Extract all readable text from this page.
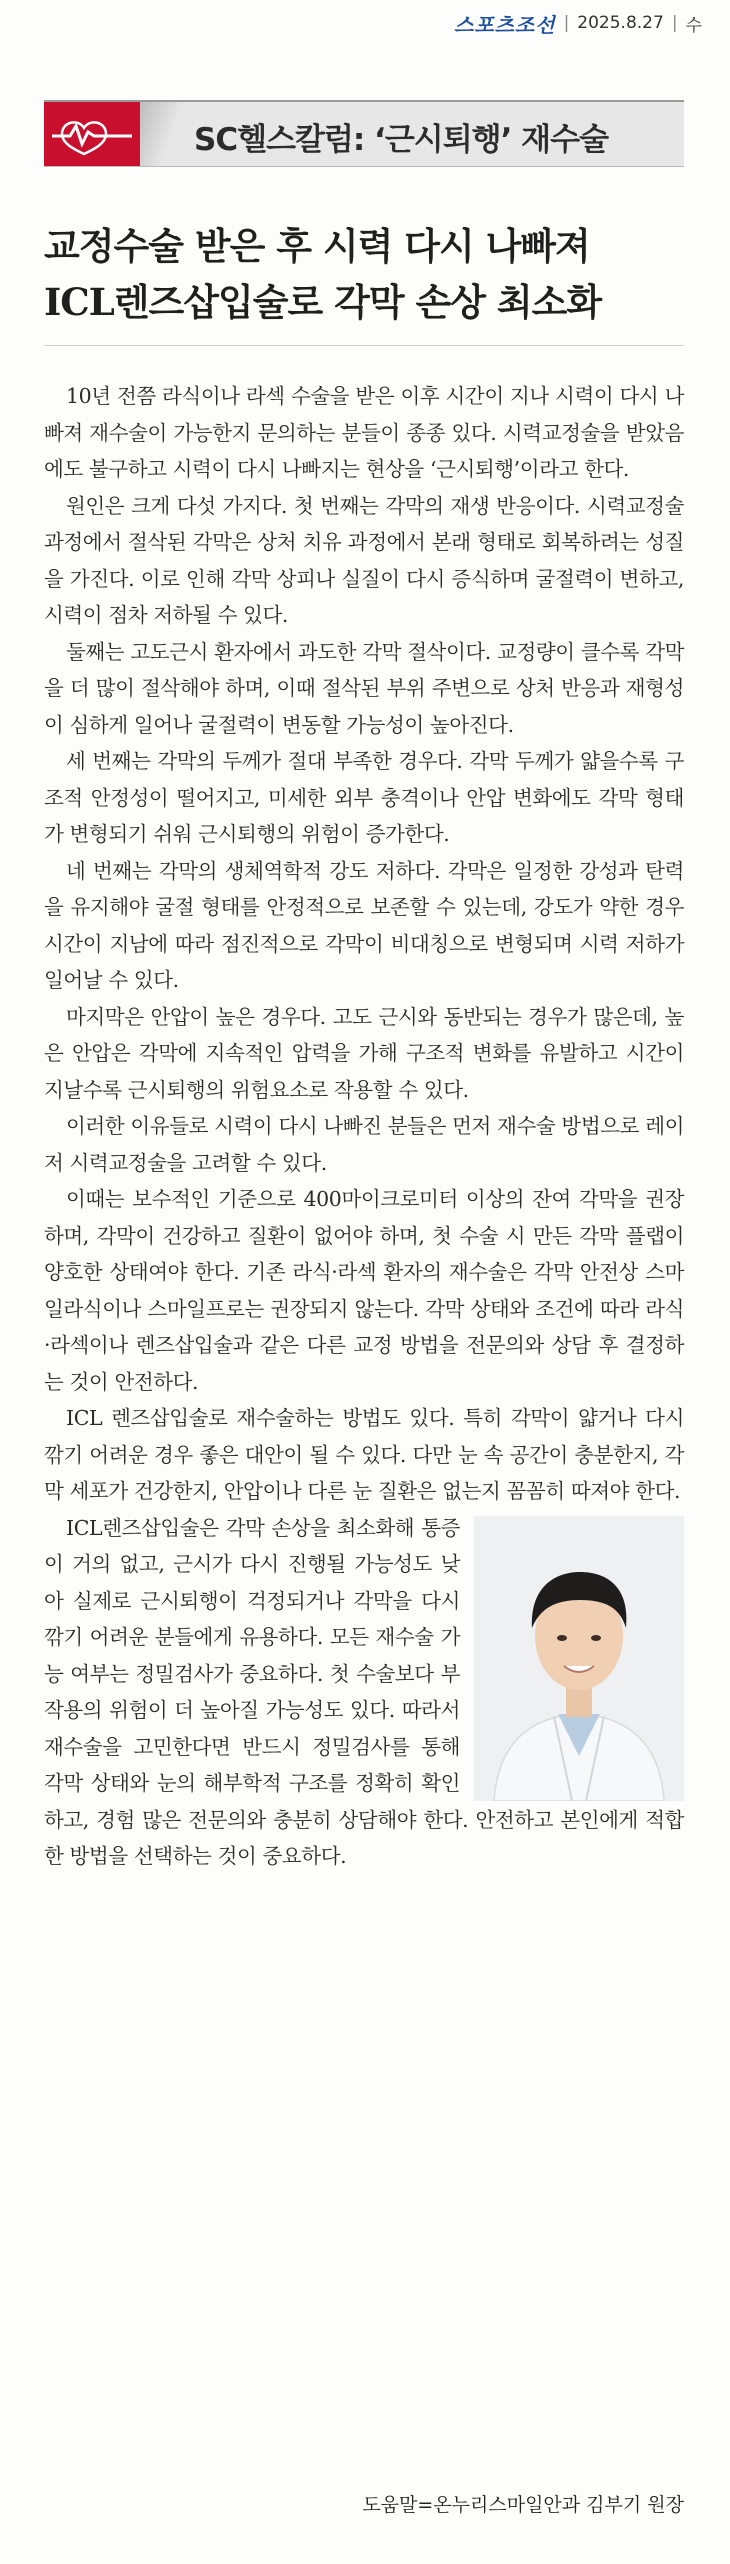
스포츠조선 | 2025.8.27 | 수
SC헬스칼럼: ‘근시퇴행’ 재수술
교정수술 받은 후 시력 다시 나빠져
ICL렌즈삽입술로 각막 손상 최소화

10년 전쯤 라식이나 라섹 수술을 받은 이후 시간이 지나 시력이 다시 나빠져 재수술이 가능한지 문의하는 분들이 종종 있다. 시력교정술을 받았음에도 불구하고 시력이 다시 나빠지는 현상을 ‘근시퇴행’이라고 한다.

원인은 크게 다섯 가지다. 첫 번째는 각막의 재생 반응이다. 시력교정술 과정에서 절삭된 각막은 상처 치유 과정에서 본래 형태로 회복하려는 성질을 가진다. 이로 인해 각막 상피나 실질이 다시 증식하며 굴절력이 변하고, 시력이 점차 저하될 수 있다.

둘째는 고도근시 환자에서 과도한 각막 절삭이다. 교정량이 클수록 각막을 더 많이 절삭해야 하며, 이때 절삭된 부위 주변으로 상처 반응과 재형성이 심하게 일어나 굴절력이 변동할 가능성이 높아진다.

세 번째는 각막의 두께가 절대 부족한 경우다. 각막 두께가 얇을수록 구조적 안정성이 떨어지고, 미세한 외부 충격이나 안압 변화에도 각막 형태가 변형되기 쉬워 근시퇴행의 위험이 증가한다.

네 번째는 각막의 생체역학적 강도 저하다. 각막은 일정한 강성과 탄력을 유지해야 굴절 형태를 안정적으로 보존할 수 있는데, 강도가 약한 경우 시간이 지남에 따라 점진적으로 각막이 비대칭으로 변형되며 시력 저하가 일어날 수 있다.

마지막은 안압이 높은 경우다. 고도 근시와 동반되는 경우가 많은데, 높은 안압은 각막에 지속적인 압력을 가해 구조적 변화를 유발하고 시간이 지날수록 근시퇴행의 위험요소로 작용할 수 있다.

이러한 이유들로 시력이 다시 나빠진 분들은 먼저 재수술 방법으로 레이저 시력교정술을 고려할 수 있다.

이때는 보수적인 기준으로 400마이크로미터 이상의 잔여 각막을 권장하며, 각막이 건강하고 질환이 없어야 하며, 첫 수술 시 만든 각막 플랩이 양호한 상태여야 한다. 기존 라식·라섹 환자의 재수술은 각막 안전상 스마일라식이나 스마일프로는 권장되지 않는다. 각막 상태와 조건에 따라 라식·라섹이나 렌즈삽입술과 같은 다른 교정 방법을 전문의와 상담 후 결정하는 것이 안전하다.

ICL 렌즈삽입술로 재수술하는 방법도 있다. 특히 각막이 얇거나 다시 깎기 어려운 경우 좋은 대안이 될 수 있다. 다만 눈 속 공간이 충분한지, 각막 세포가 건강한지, 안압이나 다른 눈 질환은 없는지 꼼꼼히 따져야 한다.

ICL렌즈삽입술은 각막 손상을 최소화해 통증이 거의 없고, 근시가 다시 진행될 가능성도 낮아 실제로 근시퇴행이 걱정되거나 각막을 다시 깎기 어려운 분들에게 유용하다. 모든 재수술 가능 여부는 정밀검사가 중요하다. 첫 수술보다 부작용의 위험이 더 높아질 가능성도 있다. 따라서 재수술을 고민한다면 반드시 정밀검사를 통해 각막 상태와 눈의 해부학적 구조를 정확히 확인하고, 경험 많은 전문의와 충분히 상담해야 한다. 안전하고 본인에게 적합한 방법을 선택하는 것이 중요하다.

도움말=온누리스마일안과 김부기 원장
